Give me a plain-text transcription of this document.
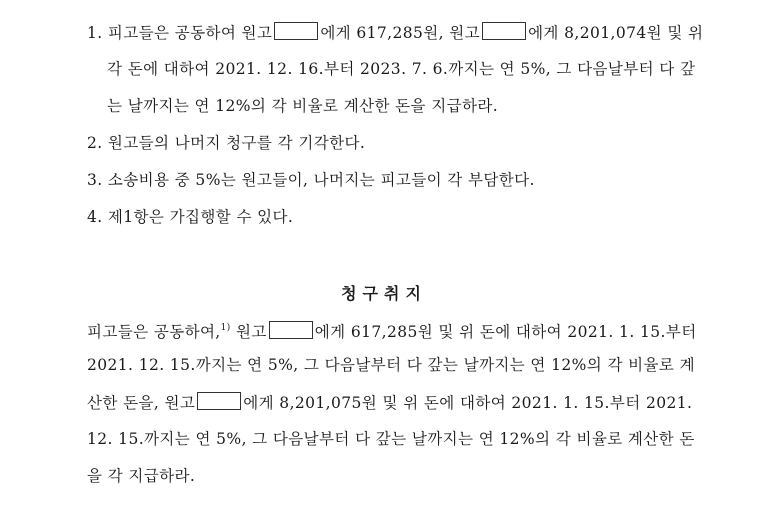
1. 피고들은 공동하여 원고	에게 617,285원, 원고	에게 8,201,074원 및 위
각 돈에 대하여 2021. 12. 16.부터 2023. 7. 6.까지는 연 5%, 그 다음날부터 다 갚
는 날까지는 연 12%의 각 비율로 계산한 돈을 지급하라.
2. 원고들의 나머지 청구를 각 기각한다.
3. 소송비용 중 5%는 원고들이, 나머지는 피고들이 각 부담한다.
4. 제1항은 가집행할 수 있다.
청구취지
피고들은 공동하여,$^{1)}$ 원고	에게 617,285원 및 위 돈에 대하여 2021. 1. 15.부터
2021. 12. 15.까지는 연 5%, 그 다음날부터 다 갚는 날까지는 연 12%의 각 비율로 계
산한 돈을, 원고	에게 8,201,075원 및 위 돈에 대하여 2021. 1. 15.부터 2021.
12. 15.까지는 연 5%, 그 다음날부터 다 갚는 날까지는 연 12%의 각 비율로 계산한 돈
을 각 지급하라.
